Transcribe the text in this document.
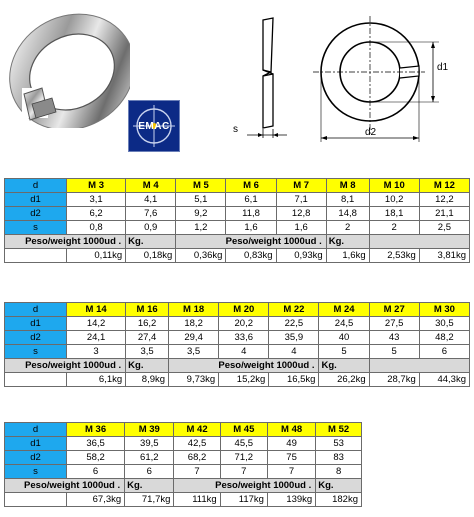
EMAC	s
d1
d2
d	M 3	M 4	M 5	M 6	M 7	M 8	M 10	M 12
d1	3,1	4,1	5,1	6,1	7,1	8,1	10,2	12,2
d2	6,2	7,6	9,2	11,8	12,8	14,8	18,1	21,1
s	0,8	0,9	1,2	1,6	1,6	2	2	2,5
Peso/weight 1000ud .		Kg.	Peso/weight 1000ud .			Kg.		
	0,11kg	0,18kg	0,36kg	0,83kg	0,93kg	1,6kg	2,53kg	3,81kg
d	M 14	M 16	M 18	M 20	M 22	M 24	M 27	M 30
d1	14,2	16,2	18,2	20,2	22,5	24,5	27,5	30,5
d2	24,1	27,4	29,4	33,6	35,9	40	43	48,2
s	3	3,5	3,5	4	4	5	5	6
Peso/weight 1000ud .		Kg.	Peso/weight 1000ud .			Kg.		
	6,1kg	8,9kg	9,73kg	15,2kg	16,5kg	26,2kg	28,7kg	44,3kg
d	M 36	M 39	M 42	M 45	M 48	M 52
d1	36,5	39,5	42,5	45,5	49	53
d2	58,2	61,2	68,2	71,2	75	83
s	6	6	7	7	7	8
Peso/weight 1000ud .		Kg.	Peso/weight 1000ud .			Kg.
	67,3kg	71,7kg	111kg	117kg	139kg	182kg
